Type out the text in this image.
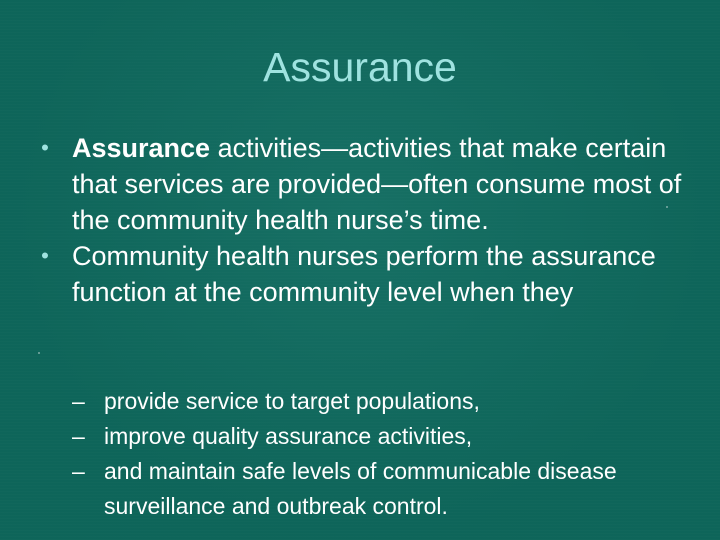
Assurance

• Assurance activities—activities that make certain that services are provided—often consume most of the community health nurse’s time.

• Community health nurses perform the assurance function at the community level when they

– provide service to target populations,

– improve quality assurance activities,

– and maintain safe levels of communicable disease surveillance and outbreak control.
